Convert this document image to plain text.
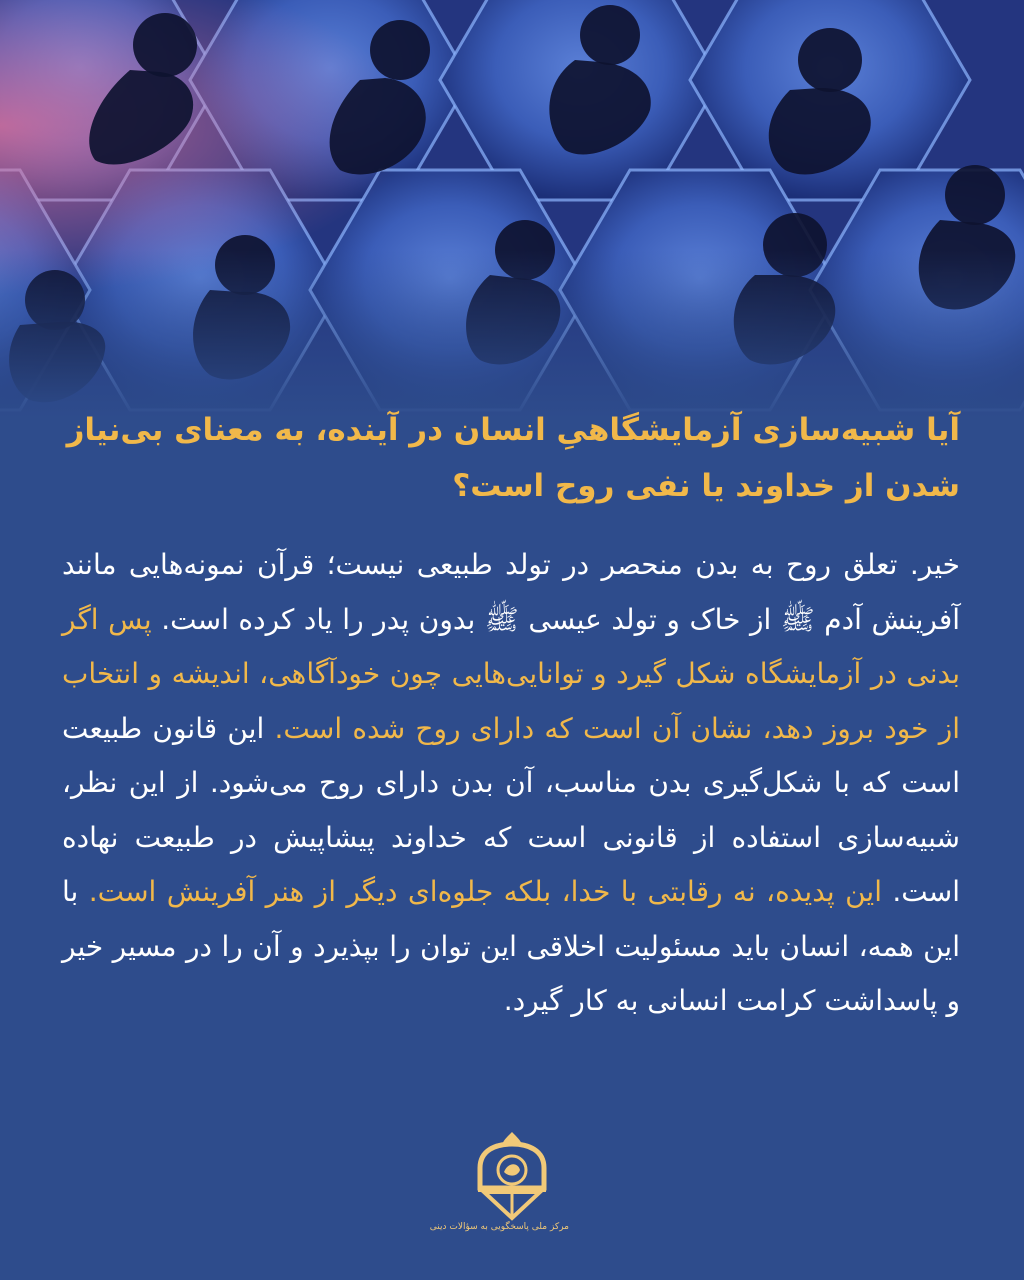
آیا شبیه‌سازی آزمایشگاهیِ انسان در آینده، به معنای بی‌نیاز شدن از خداوند یا نفی روح است؟
خیر. تعلق روح به بدن منحصر در تولد طبیعی نیست؛ قرآن نمونه‌هایی مانند آفرینش آدم ﷺ از خاک و تولد عیسی ﷺ بدون پدر را یاد کرده است. پس اگر بدنی در آزمایشگاه شکل گیرد و توانایی‌هایی چون خودآگاهی، اندیشه و انتخاب از خود بروز دهد، نشان آن است که دارای روح شده است. این قانون طبیعت است که با شکل‌گیری بدن مناسب، آن بدن دارای روح می‌شود. از این نظر، شبیه‌سازی استفاده از قانونی است که خداوند پیشاپیش در طبیعت نهاده است. این پدیده، نه رقابتی با خدا، بلکه جلوه‌ای دیگر از هنر آفرینش است. با این همه، انسان باید مسئولیت اخلاقی این توان را بپذیرد و آن را در مسیر خیر و پاسداشت کرامت انسانی به کار گیرد.
مرکز ملی پاسخگویی به سؤالات دینی
